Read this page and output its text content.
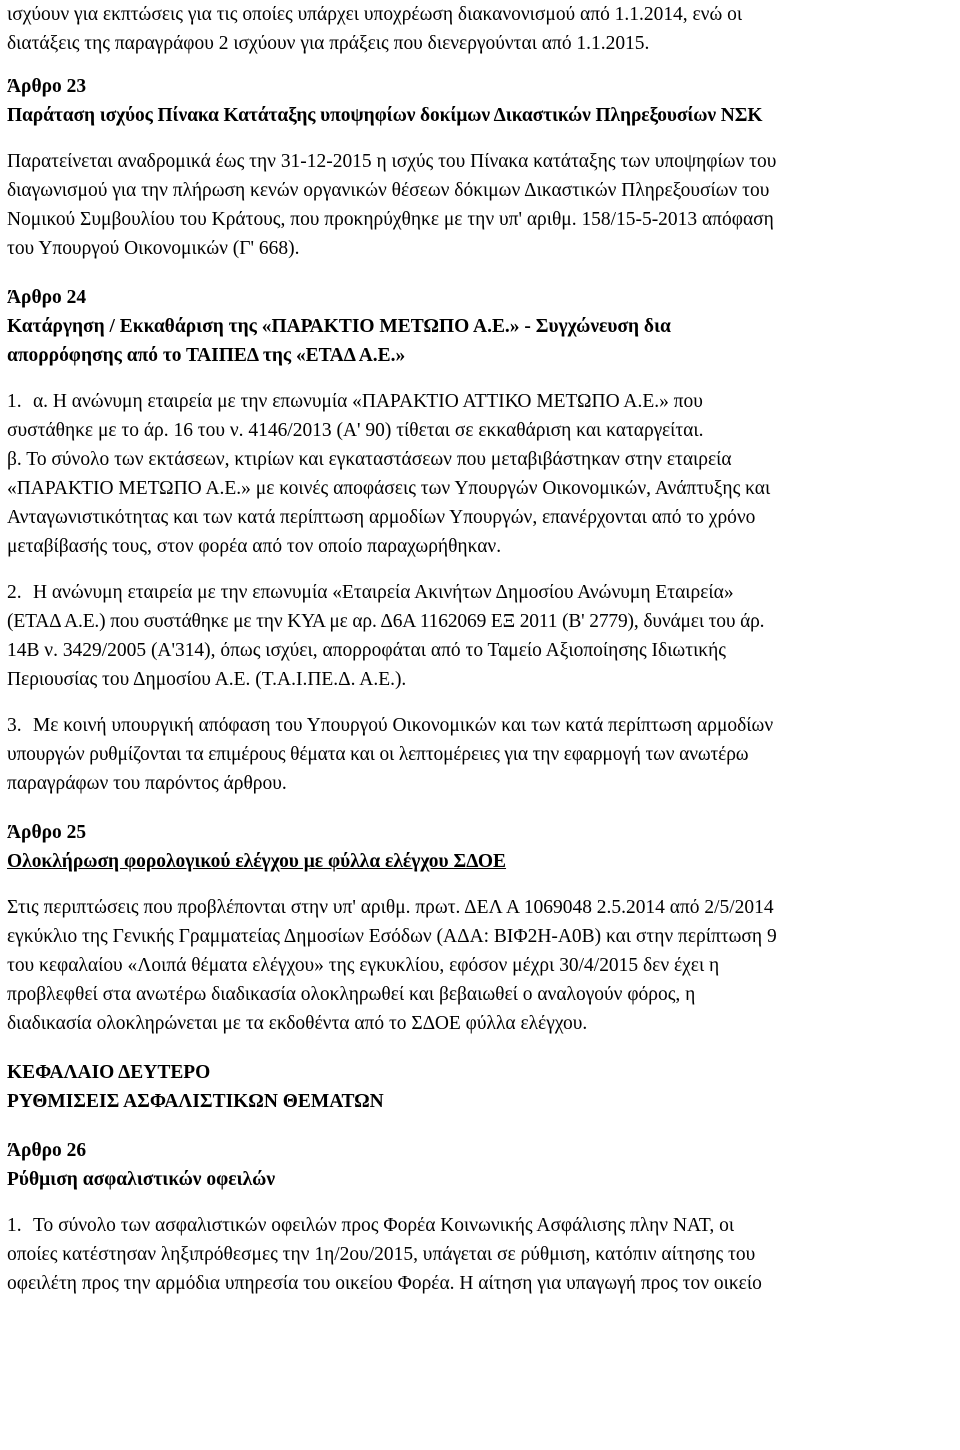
ισχύουν για εκπτώσεις για τις οποίες υπάρχει υποχρέωση διακανονισμού από 1.1.2014, ενώ οι
διατάξεις της παραγράφου 2 ισχύουν για πράξεις που διενεργούνται από 1.1.2015.
Άρθρο 23
Παράταση ισχύος Πίνακα Κατάταξης υποψηφίων δοκίμων Δικαστικών Πληρεξουσίων ΝΣΚ
Παρατείνεται αναδρομικά έως την 31-12-2015 η ισχύς του Πίνακα κατάταξης των υποψηφίων του
διαγωνισμού για την πλήρωση κενών οργανικών θέσεων δόκιμων Δικαστικών Πληρεξουσίων του
Νομικού Συμβουλίου του Κράτους, που προκηρύχθηκε με την υπ' αριθμ. 158/15-5-2013 απόφαση
του Υπουργού Οικονομικών (Γ' 668).
Άρθρο 24
Κατάργηση / Εκκαθάριση της «ΠΑΡΑΚΤΙΟ ΜΕΤΩΠΟ Α.Ε.» - Συγχώνευση δια
απορρόφησης από το ΤΑΙΠΕΔ της «ΕΤΑΔ Α.Ε.»
1. α. Η ανώνυμη εταιρεία με την επωνυμία «ΠΑΡΑΚΤΙΟ ΑΤΤΙΚΟ ΜΕΤΩΠΟ Α.Ε.» που
συστάθηκε με το άρ. 16 του ν. 4146/2013 (Α' 90) τίθεται σε εκκαθάριση και καταργείται.
β. Το σύνολο των εκτάσεων, κτιρίων και εγκαταστάσεων που μεταβιβάστηκαν στην εταιρεία
«ΠΑΡΑΚΤΙΟ ΜΕΤΩΠΟ Α.Ε.» με κοινές αποφάσεις των Υπουργών Οικονομικών, Ανάπτυξης και
Ανταγωνιστικότητας και των κατά περίπτωση αρμοδίων Υπουργών, επανέρχονται από το χρόνο
μεταβίβασής τους, στον φορέα από τον οποίο παραχωρήθηκαν.
2. Η ανώνυμη εταιρεία με την επωνυμία «Εταιρεία Ακινήτων Δημοσίου Ανώνυμη Εταιρεία»
(ΕΤΑΔ Α.Ε.) που συστάθηκε με την ΚΥΑ με αρ. Δ6Α 1162069 ΕΞ 2011 (Β' 2779), δυνάμει του άρ.
14Β ν. 3429/2005 (Α'314), όπως ισχύει, απορροφάται από το Ταμείο Αξιοποίησης Ιδιωτικής
Περιουσίας του Δημοσίου Α.Ε. (Τ.Α.Ι.ΠΕ.Δ. Α.Ε.).
3. Με κοινή υπουργική απόφαση του Υπουργού Οικονομικών και των κατά περίπτωση αρμοδίων
υπουργών ρυθμίζονται τα επιμέρους θέματα και οι λεπτομέρειες για την εφαρμογή των ανωτέρω
παραγράφων του παρόντος άρθρου.
Άρθρο 25
Ολοκλήρωση φορολογικού ελέγχου με φύλλα ελέγχου ΣΔΟΕ
Στις περιπτώσεις που προβλέπονται στην υπ' αριθμ. πρωτ. ΔΕΛ Α 1069048 2.5.2014 από 2/5/2014
εγκύκλιο της Γενικής Γραμματείας Δημοσίων Εσόδων (ΑΔΑ: ΒΙΦ2Η-Α0Β) και στην περίπτωση 9
του κεφαλαίου «Λοιπά θέματα ελέγχου» της εγκυκλίου, εφόσον μέχρι 30/4/2015 δεν έχει η
προβλεφθεί στα ανωτέρω διαδικασία ολοκληρωθεί και βεβαιωθεί ο αναλογούν φόρος, η
διαδικασία ολοκληρώνεται με τα εκδοθέντα από το ΣΔΟΕ φύλλα ελέγχου.
ΚΕΦΑΛΑΙΟ ΔΕΥΤΕΡΟ
ΡΥΘΜΙΣΕΙΣ ΑΣΦΑΛΙΣΤΙΚΩΝ ΘΕΜΑΤΩΝ
Άρθρο 26
Ρύθμιση ασφαλιστικών οφειλών
1. Το σύνολο των ασφαλιστικών οφειλών προς Φορέα Κοινωνικής Ασφάλισης πλην ΝΑΤ, οι
οποίες κατέστησαν ληξιπρόθεσμες την 1η/2ου/2015, υπάγεται σε ρύθμιση, κατόπιν αίτησης του
οφειλέτη προς την αρμόδια υπηρεσία του οικείου Φορέα. Η αίτηση για υπαγωγή προς τον οικείο
